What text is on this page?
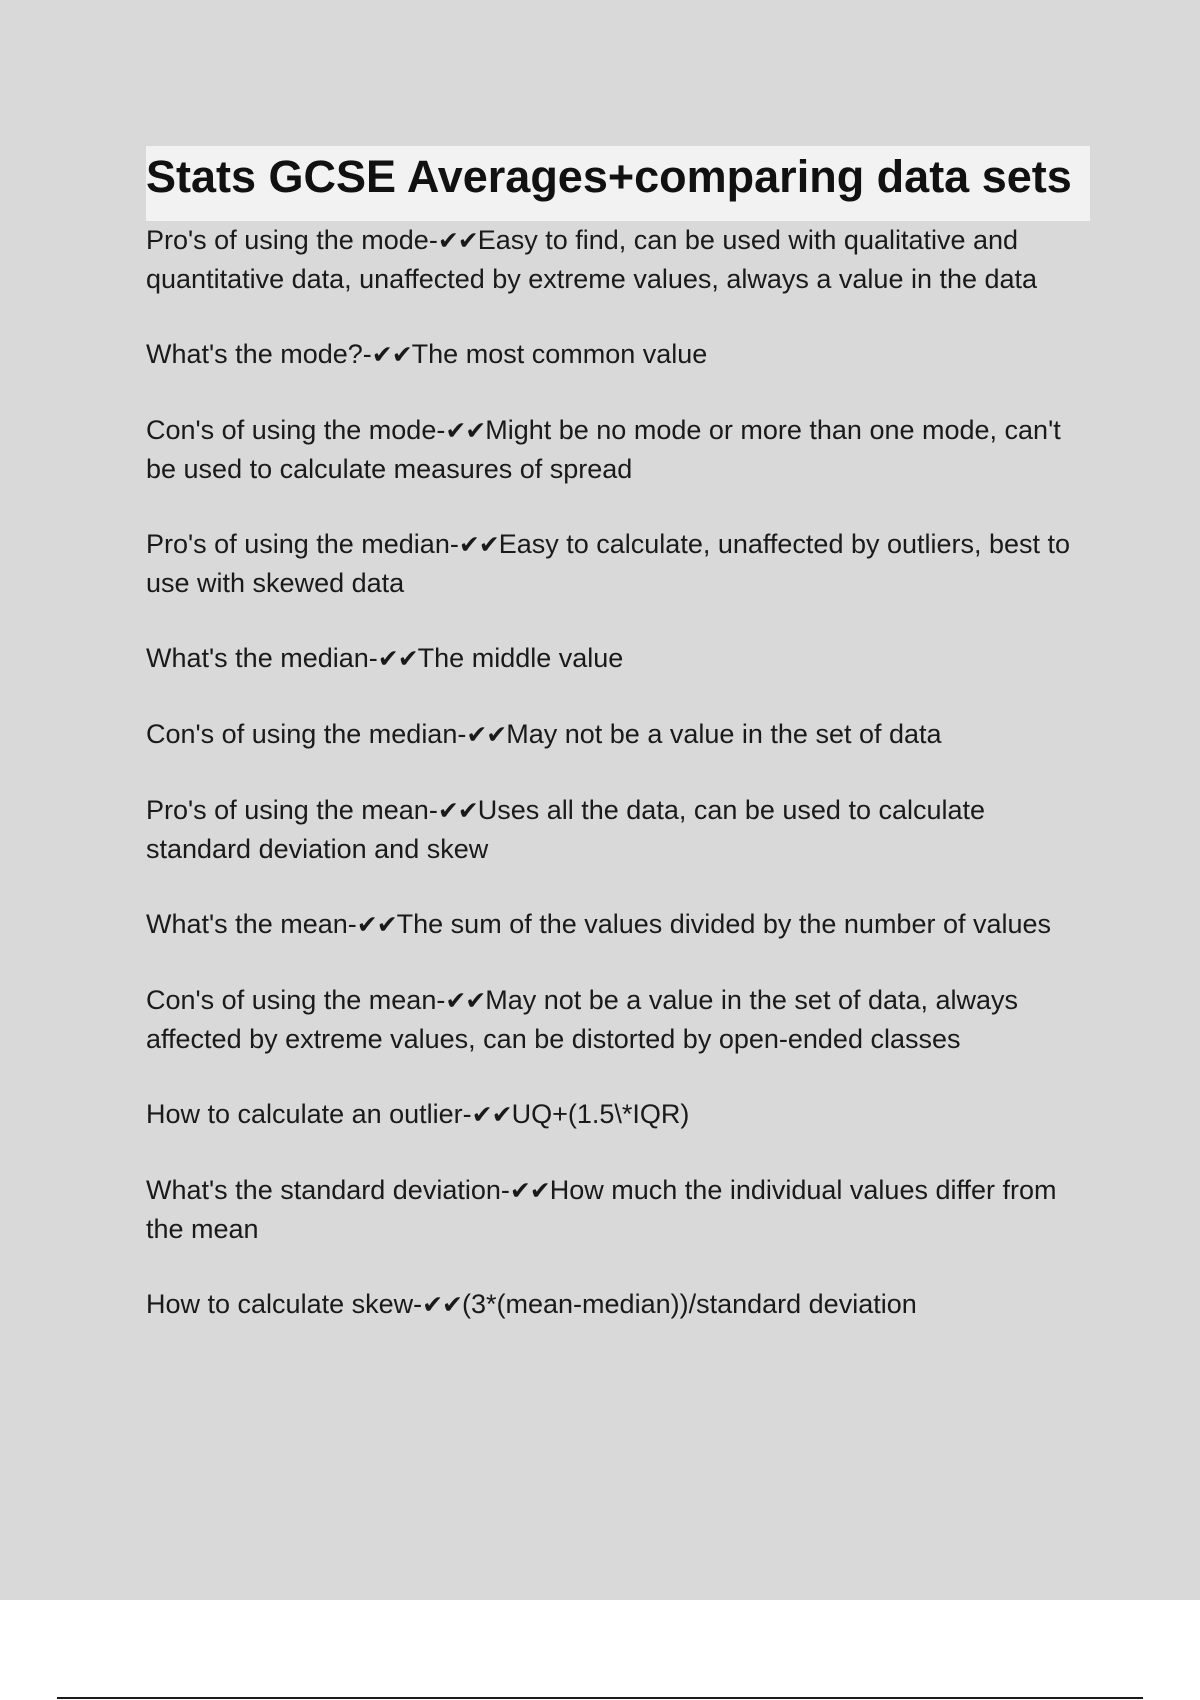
Stats GCSE Averages+comparing data sets
Pro's of using the mode-✔✔Easy to find, can be used with qualitative and quantitative data, unaffected by extreme values, always a value in the data
What's the mode?-✔✔The most common value
Con's of using the mode-✔✔Might be no mode or more than one mode, can't be used to calculate measures of spread
Pro's of using the median-✔✔Easy to calculate, unaffected by outliers, best to use with skewed data
What's the median-✔✔The middle value
Con's of using the median-✔✔May not be a value in the set of data
Pro's of using the mean-✔✔Uses all the data, can be used to calculate standard deviation and skew
What's the mean-✔✔The sum of the values divided by the number of values
Con's of using the mean-✔✔May not be a value in the set of data, always affected by extreme values, can be distorted by open-ended classes
How to calculate an outlier-✔✔UQ+(1.5\*IQR)
What's the standard deviation-✔✔How much the individual values differ from the mean
How to calculate skew-✔✔(3*(mean-median))/standard deviation
